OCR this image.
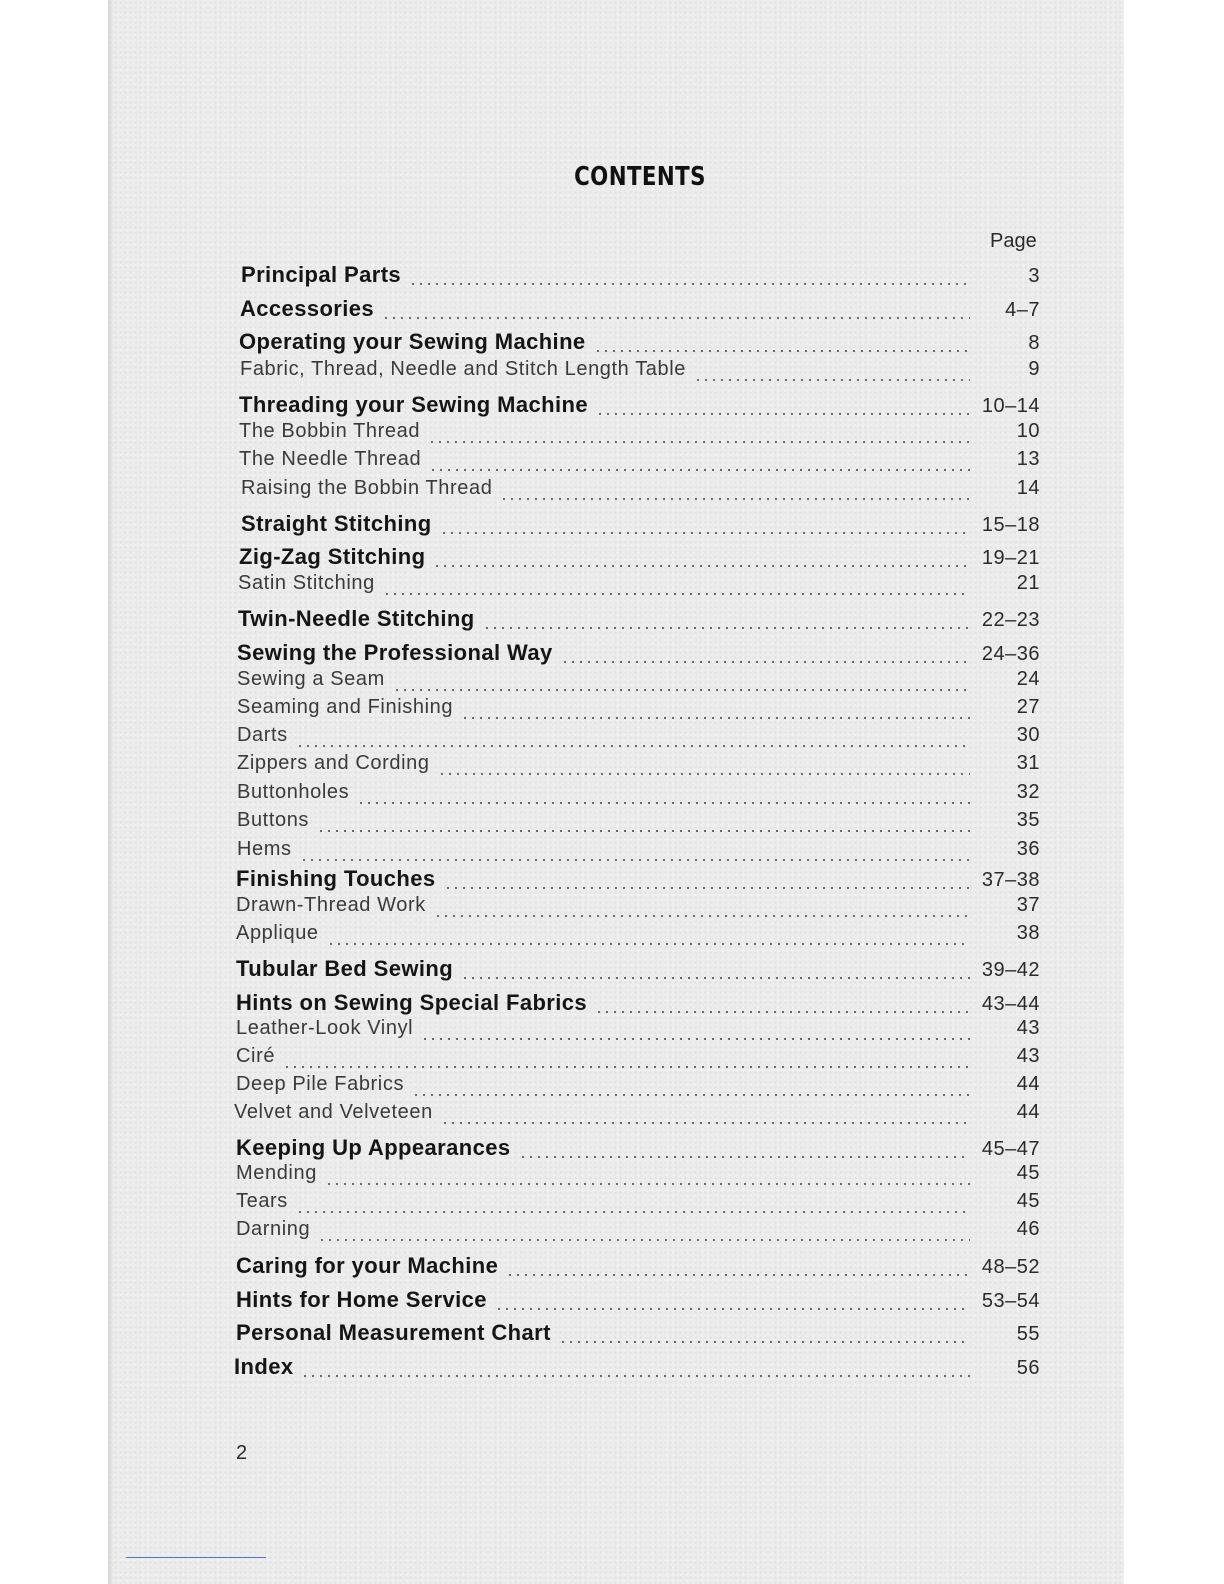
CONTENTS
Page
Principal Parts	3
Accessories	4–7
Operating your Sewing Machine	8
Fabric, Thread, Needle and Stitch Length Table	9
Threading your Sewing Machine	10–14
The Bobbin Thread	10
The Needle Thread	13
Raising the Bobbin Thread	14
Straight Stitching	15–18
Zig-Zag Stitching	19–21
Satin Stitching	21
Twin-Needle Stitching	22–23
Sewing the Professional Way	24–36
Sewing a Seam	24
Seaming and Finishing	27
Darts	30
Zippers and Cording	31
Buttonholes	32
Buttons	35
Hems	36
Finishing Touches	37–38
Drawn-Thread Work	37
Applique	38
Tubular Bed Sewing	39–42
Hints on Sewing Special Fabrics	43–44
Leather-Look Vinyl	43
Ciré	43
Deep Pile Fabrics	44
Velvet and Velveteen	44
Keeping Up Appearances	45–47
Mending	45
Tears	45
Darning	46
Caring for your Machine	48–52
Hints for Home Service	53–54
Personal Measurement Chart	55
Index	56
2
